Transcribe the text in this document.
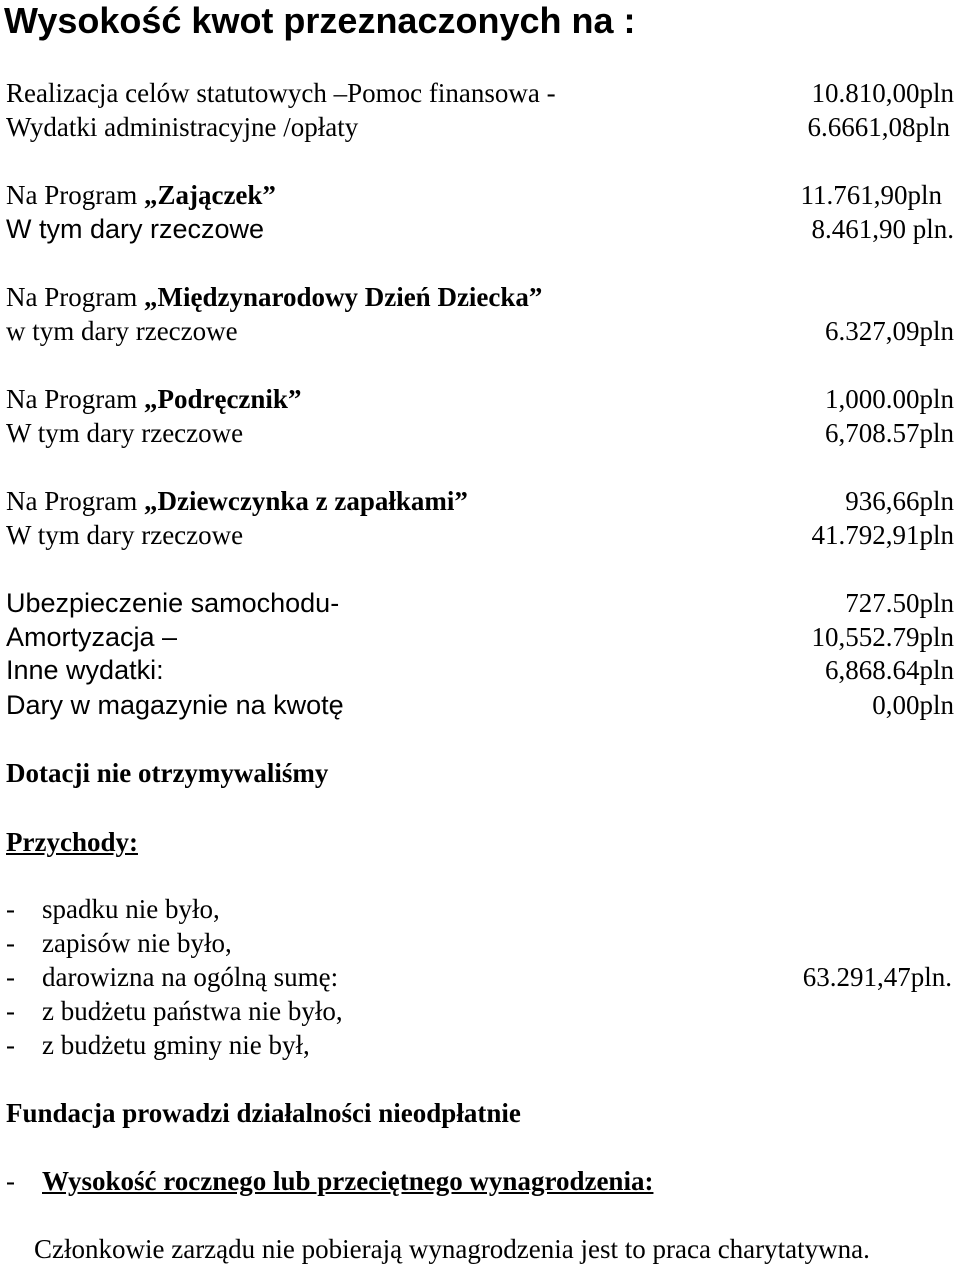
Wysokość kwot przeznaczonych na :
Realizacja celów statutowych –Pomoc finansowa -	10.810,00pln
Wydatki administracyjne /opłaty	6.6661,08pln
Na Program „Zajączek”	11.761,90pln
W tym dary rzeczowe	8.461,90 pln.
Na Program „Międzynarodowy Dzień Dziecka”
w tym dary rzeczowe	6.327,09pln
Na Program „Podręcznik”	1,000.00pln
W tym dary rzeczowe	6,708.57pln
Na Program „Dziewczynka z zapałkami”	936,66pln
W tym dary rzeczowe	41.792,91pln
Ubezpieczenie samochodu-	727.50pln
Amortyzacja –	10,552.79pln
Inne wydatki:	6,868.64pln
Dary w magazynie na kwotę	0,00pln
Dotacji nie otrzymywaliśmy
Przychody:
- spadku nie było,
- zapisów nie było,
- darowizna na ogólną sumę:	63.291,47pln.
- z budżetu państwa nie było,
- z budżetu gminy nie był,
Fundacja prowadzi działalności nieodpłatnie
- Wysokość rocznego lub przeciętnego wynagrodzenia:
Członkowie zarządu nie pobierają wynagrodzenia jest to praca charytatywna.
